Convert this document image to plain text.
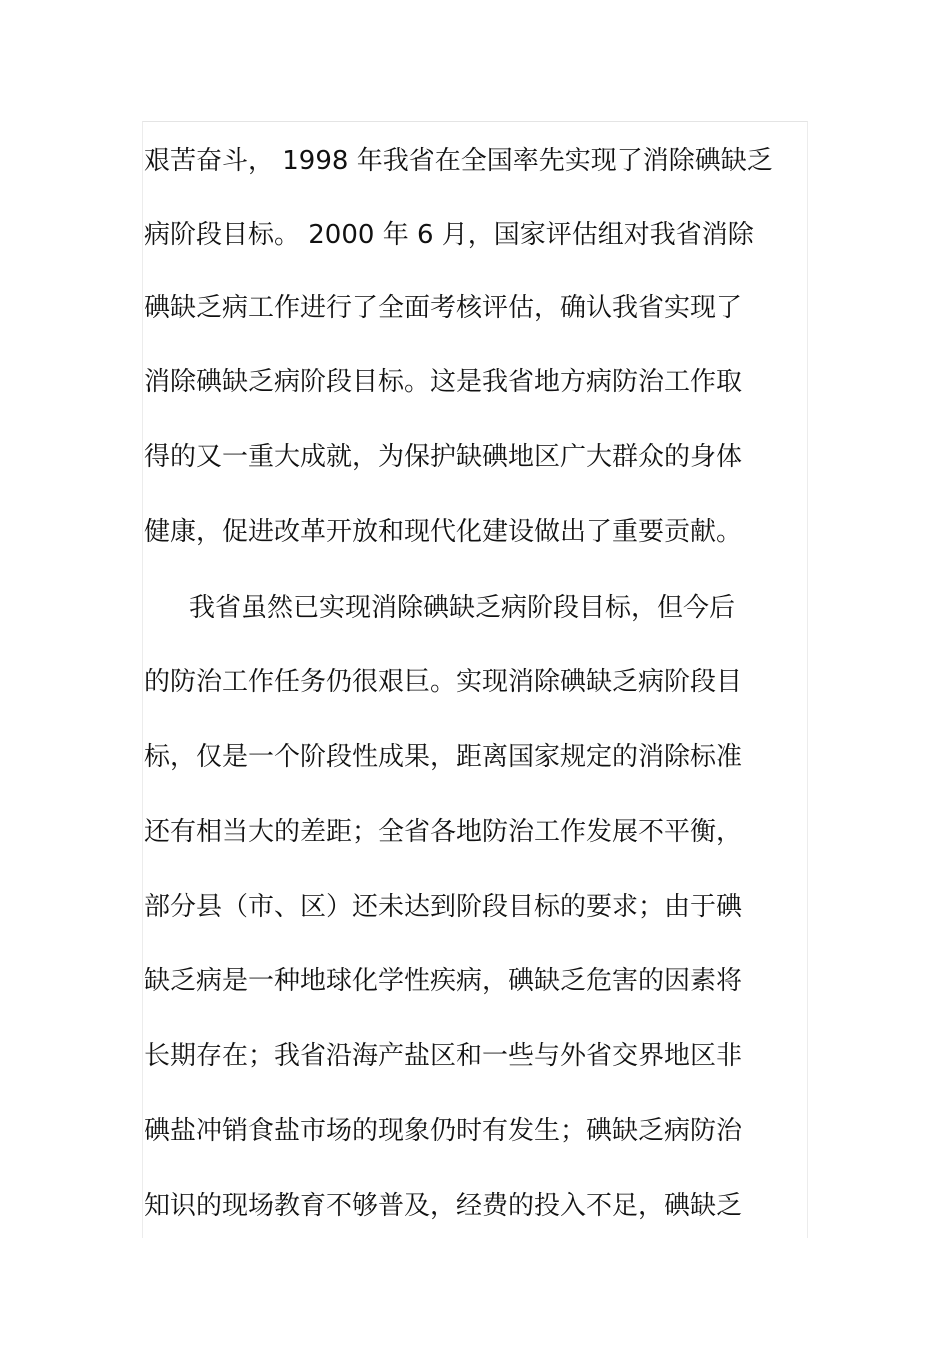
艰苦奋斗， 1998 年我省在全国率先实现了消除碘缺乏
病阶段目标。 2000 年 6 月，国家评估组对我省消除
碘缺乏病工作进行了全面考核评估，确认我省实现了
消除碘缺乏病阶段目标。这是我省地方病防治工作取
得的又一重大成就，为保护缺碘地区广大群众的身体
健康，促进改革开放和现代化建设做出了重要贡献。
我省虽然已实现消除碘缺乏病阶段目标，但今后
的防治工作任务仍很艰巨。实现消除碘缺乏病阶段目
标，仅是一个阶段性成果，距离国家规定的消除标准
还有相当大的差距；全省各地防治工作发展不平衡，
部分县（市、区）还未达到阶段目标的要求；由于碘
缺乏病是一种地球化学性疾病，碘缺乏危害的因素将
长期存在；我省沿海产盐区和一些与外省交界地区非
碘盐冲销食盐市场的现象仍时有发生；碘缺乏病防治
知识的现场教育不够普及，经费的投入不足，碘缺乏
